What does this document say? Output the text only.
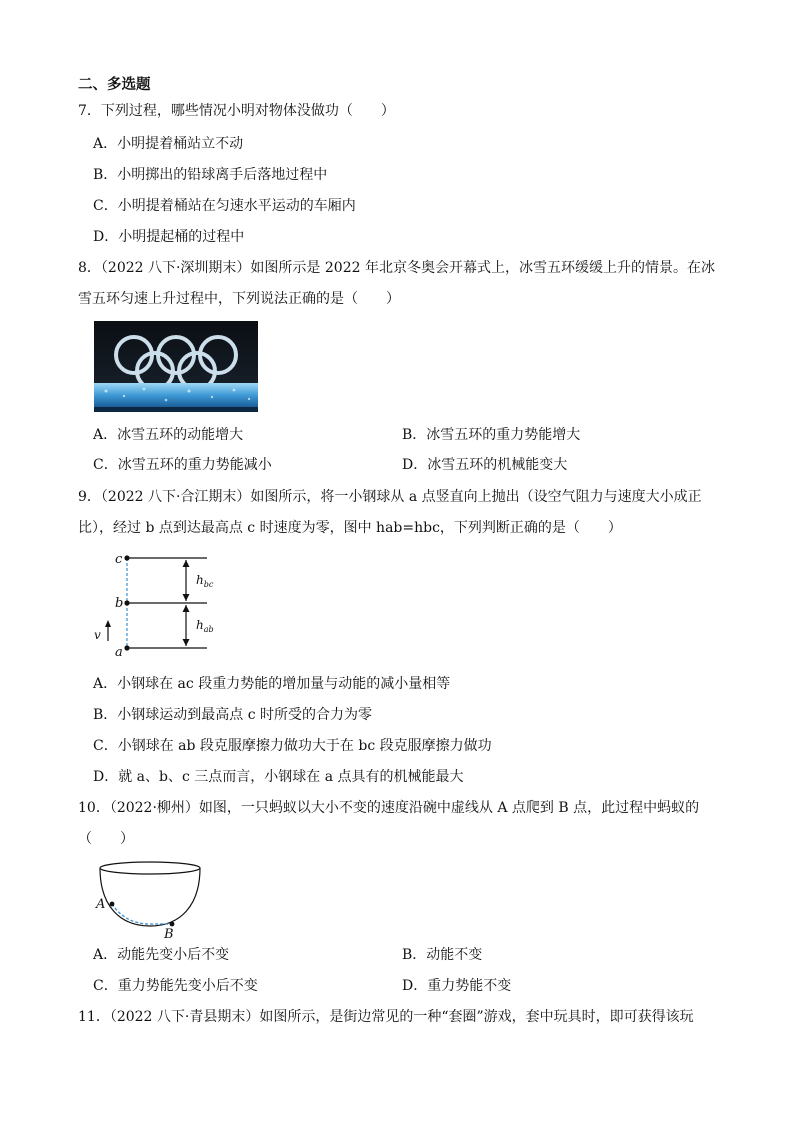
二、多选题
7．下列过程，哪些情况小明对物体没做功（　　）
A．小明提着桶站立不动
B．小明掷出的铅球离手后落地过程中
C．小明提着桶站在匀速水平运动的车厢内
D．小明提起桶的过程中
8．（2022 八下·深圳期末）如图所示是 2022 年北京冬奥会开幕式上，冰雪五环缓缓上升的情景。在冰
雪五环匀速上升过程中，下列说法正确的是（　　）
A．冰雪五环的动能增大	B．冰雪五环的重力势能增大
C．冰雪五环的重力势能减小	D．冰雪五环的机械能变大
9．（2022 八下·合江期末）如图所示，将一小钢球从 a 点竖直向上抛出（设空气阻力与速度大小成正
比），经过 b 点到达最高点 c 时速度为零，图中 hab=hbc，下列判断正确的是（　　）
c
b
a
v
$h_{bc}$
$h_{ab}$
A．小钢球在 ac 段重力势能的增加量与动能的减小量相等
B．小钢球运动到最高点 c 时所受的合力为零
C．小钢球在 ab 段克服摩擦力做功大于在 bc 段克服摩擦力做功
D．就 a、b、c 三点而言，小钢球在 a 点具有的机械能最大
10．（2022·柳州）如图，一只蚂蚁以大小不变的速度沿碗中虚线从 A 点爬到 B 点，此过程中蚂蚁的
（　　）
A
B
A．动能先变小后不变	B．动能不变
C．重力势能先变小后不变	D．重力势能不变
11．（2022 八下·青县期末）如图所示，是街边常见的一种“套圈”游戏，套中玩具时，即可获得该玩
